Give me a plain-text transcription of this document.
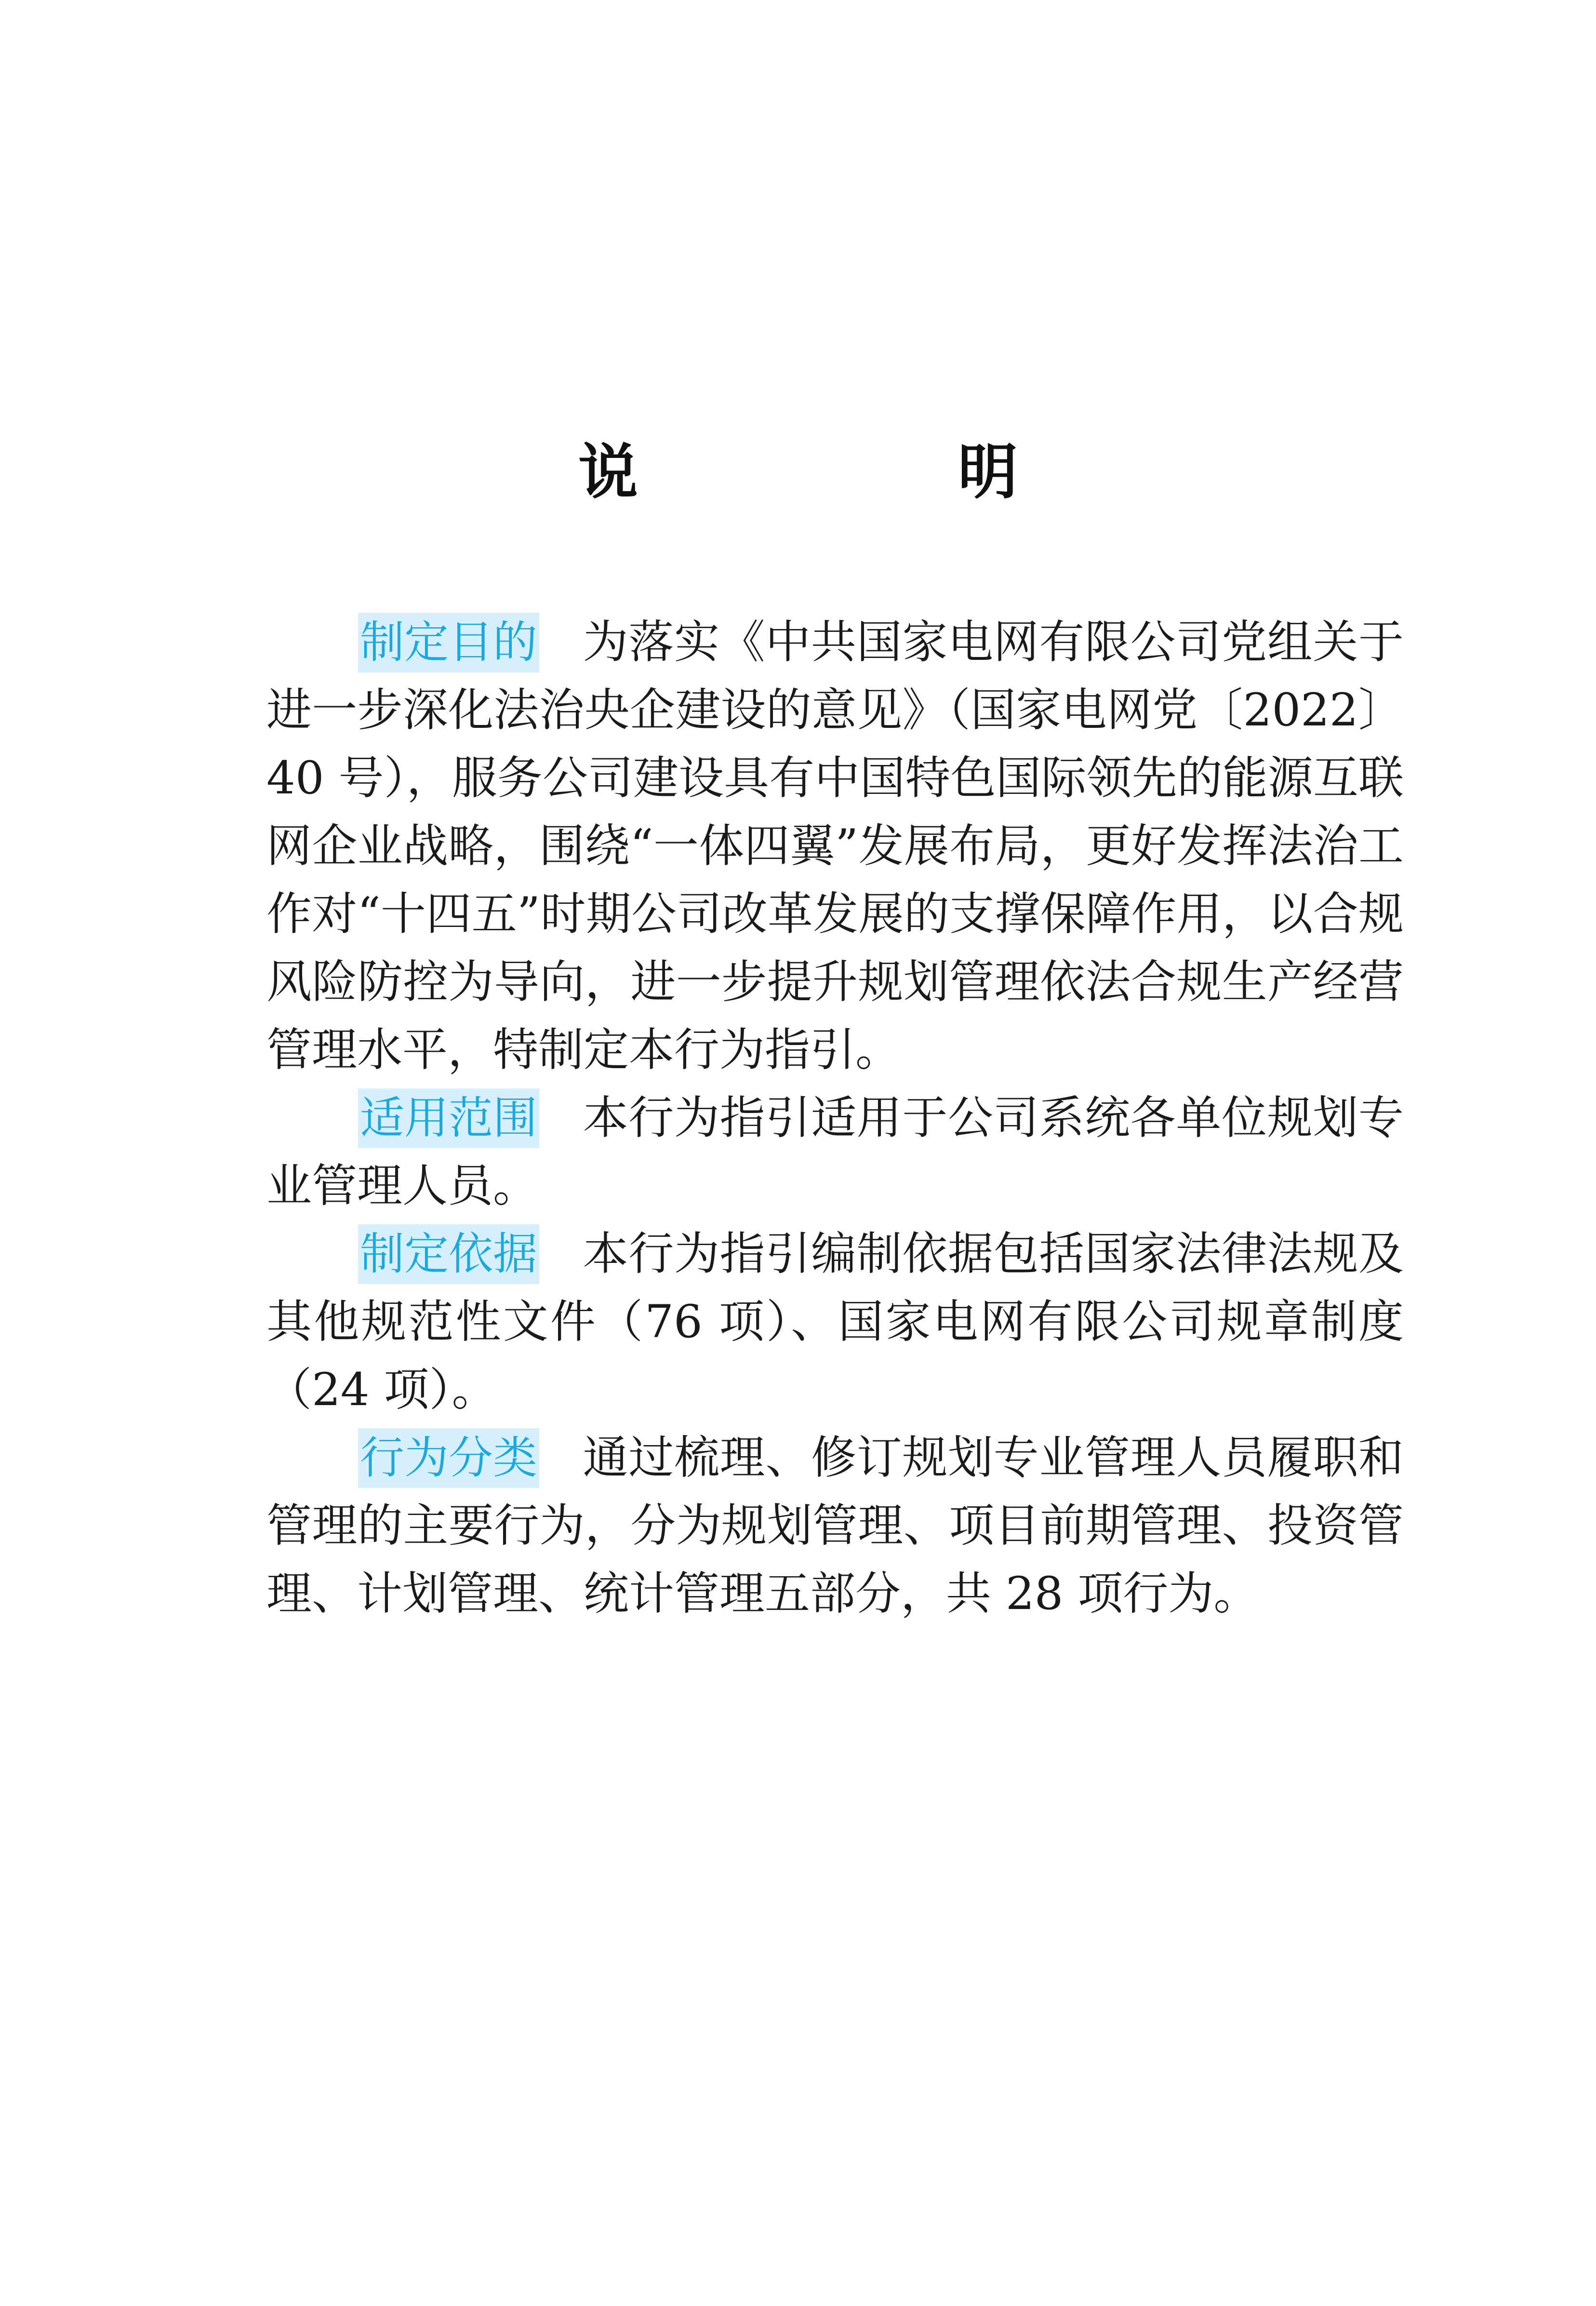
说　明

制定目的 为落实《中共国家电网有限公司党组关于进一步深化法治央企建设的意见》（国家电网党〔2022〕40 号），服务公司建设具有中国特色国际领先的能源互联网企业战略，围绕“一体四翼”发展布局，更好发挥法治工作对“十四五”时期公司改革发展的支撑保障作用，以合规风险防控为导向，进一步提升规划管理依法合规生产经营管理水平，特制定本行为指引。

适用范围 本行为指引适用于公司系统各单位规划专业管理人员。

制定依据 本行为指引编制依据包括国家法律法规及其他规范性文件（76 项）、国家电网有限公司规章制度（24 项）。

行为分类 通过梳理、修订规划专业管理人员履职和管理的主要行为，分为规划管理、项目前期管理、投资管理、计划管理、统计管理五部分，共 28 项行为。
